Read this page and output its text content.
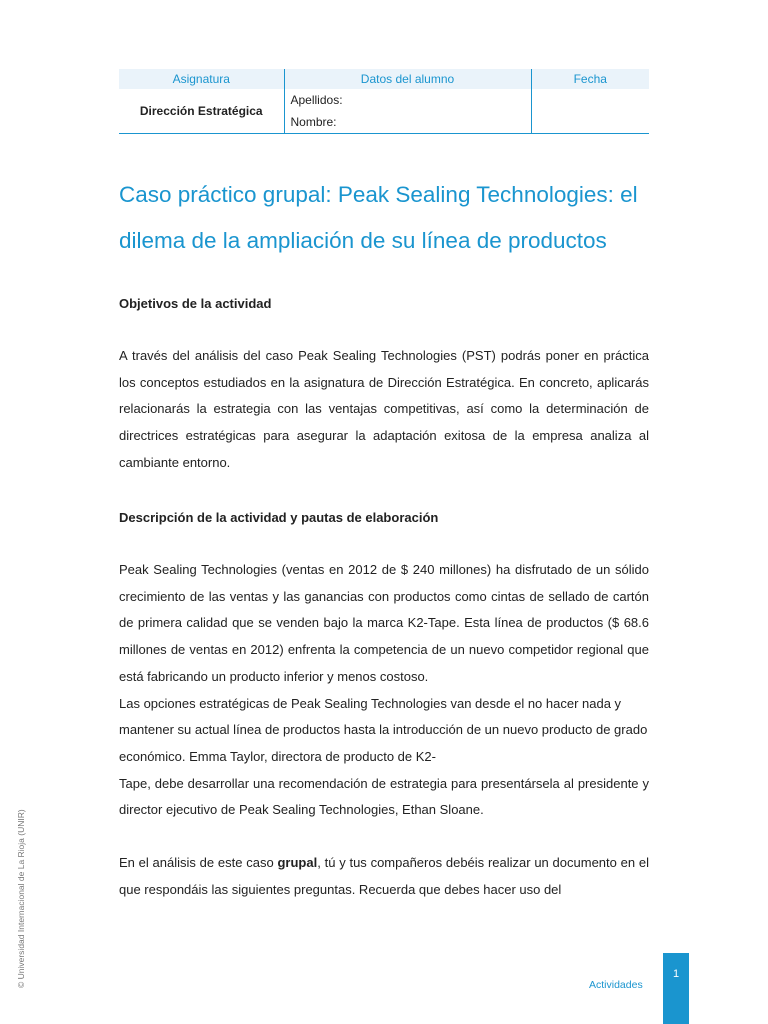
Asignatura	Datos del alumno	Fecha
Dirección Estratégica	Apellidos:
Nombre:	

Caso práctico grupal: Peak Sealing Technologies: el dilema de la ampliación de su línea de productos
Objetivos de la actividad

A través del análisis del caso Peak Sealing Technologies (PST) podrás poner en práctica los conceptos estudiados en la asignatura de Dirección Estratégica. En concreto, aplicarás relacionarás la estrategia con las ventajas competitivas, así como la determinación de directrices estratégicas para asegurar la adaptación exitosa de la empresa analiza al cambiante entorno.

Descripción de la actividad y pautas de elaboración

Peak Sealing Technologies (ventas en 2012 de $ 240 millones) ha disfrutado de un sólido crecimiento de las ventas y las ganancias con productos como cintas de sellado de cartón de primera calidad que se venden bajo la marca K2-Tape. Esta línea de productos ($ 68.6 millones de ventas en 2012) enfrenta la competencia de un nuevo competidor regional que está fabricando un producto inferior y menos costoso.

Las opciones estratégicas de Peak Sealing Technologies van desde el no hacer nada y mantener su actual línea de productos hasta la introducción de un nuevo producto de grado económico. Emma Taylor, directora de producto de K2-

Tape, debe desarrollar una recomendación de estrategia para presentársela al presidente y director ejecutivo de Peak Sealing Technologies, Ethan Sloane.

En el análisis de este caso grupal, tú y tus compañeros debéis realizar un documento en el que respondáis las siguientes preguntas. Recuerda que debes hacer uso del

© Universidad Internacional de La Rioja (UNIR)	Actividades
1
